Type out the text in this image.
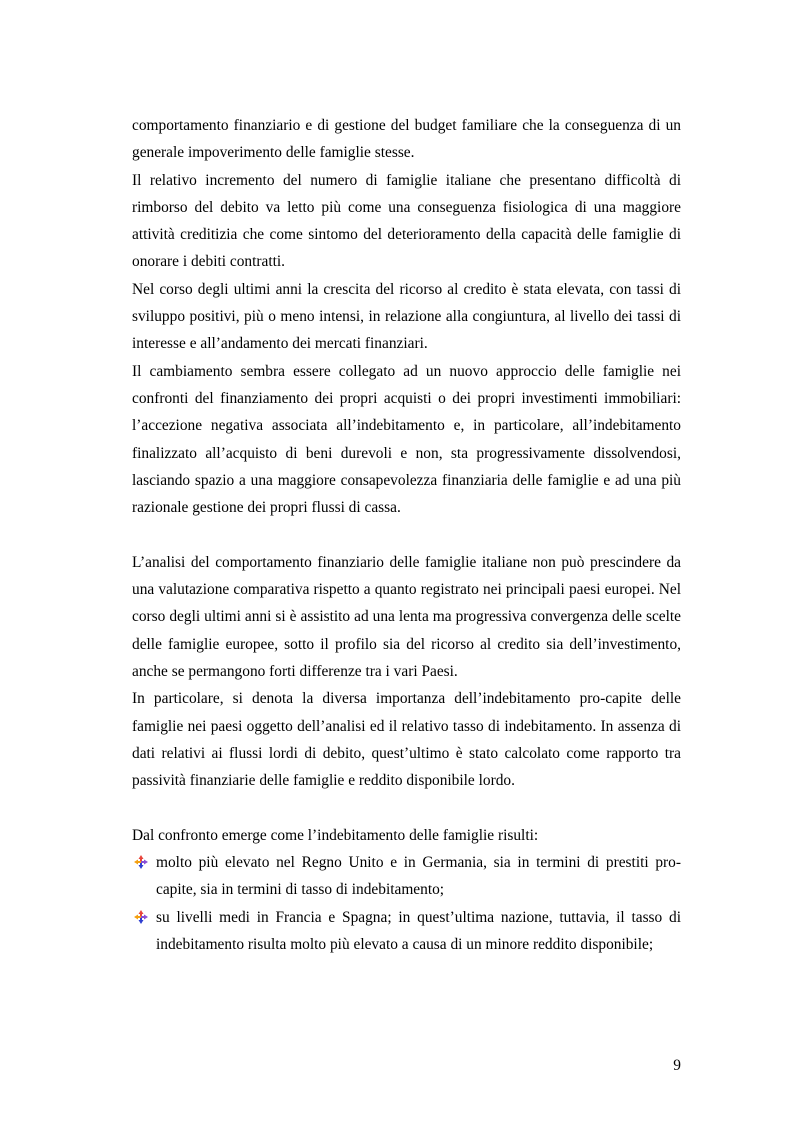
comportamento finanziario e di gestione del budget familiare che la conseguenza di un generale impoverimento delle famiglie stesse.

Il relativo incremento del numero di famiglie italiane che presentano difficoltà di rimborso del debito va letto più come una conseguenza fisiologica di una maggiore attività creditizia che come sintomo del deterioramento della capacità delle famiglie di onorare i debiti contratti.

Nel corso degli ultimi anni la crescita del ricorso al credito è stata elevata, con tassi di sviluppo positivi, più o meno intensi, in relazione alla congiuntura, al livello dei tassi di interesse e all’andamento dei mercati finanziari.

Il cambiamento sembra essere collegato ad un nuovo approccio delle famiglie nei confronti del finanziamento dei propri acquisti o dei propri investimenti immobiliari: l’accezione negativa associata all’indebitamento e, in particolare, all’indebitamento finalizzato all’acquisto di beni durevoli e non, sta progressivamente dissolvendosi, lasciando spazio a una maggiore consapevolezza finanziaria delle famiglie e ad una più razionale gestione dei propri flussi di cassa.

L’analisi del comportamento finanziario delle famiglie italiane non può prescindere da una valutazione comparativa rispetto a quanto registrato nei principali paesi europei. Nel corso degli ultimi anni si è assistito ad una lenta ma progressiva convergenza delle scelte delle famiglie europee, sotto il profilo sia del ricorso al credito sia dell’investimento, anche se permangono forti differenze tra i vari Paesi.

In particolare, si denota la diversa importanza dell’indebitamento pro-capite delle famiglie nei paesi oggetto dell’analisi ed il relativo tasso di indebitamento. In assenza di dati relativi ai flussi lordi di debito, quest’ultimo è stato calcolato come rapporto tra passività finanziarie delle famiglie e reddito disponibile lordo.

Dal confronto emerge come l’indebitamento delle famiglie risulti:

molto più elevato nel Regno Unito e in Germania, sia in termini di prestiti pro-capite, sia in termini di tasso di indebitamento;
su livelli medi in Francia e Spagna; in quest’ultima nazione, tuttavia, il tasso di indebitamento risulta molto più elevato a causa di un minore reddito disponibile;
9
